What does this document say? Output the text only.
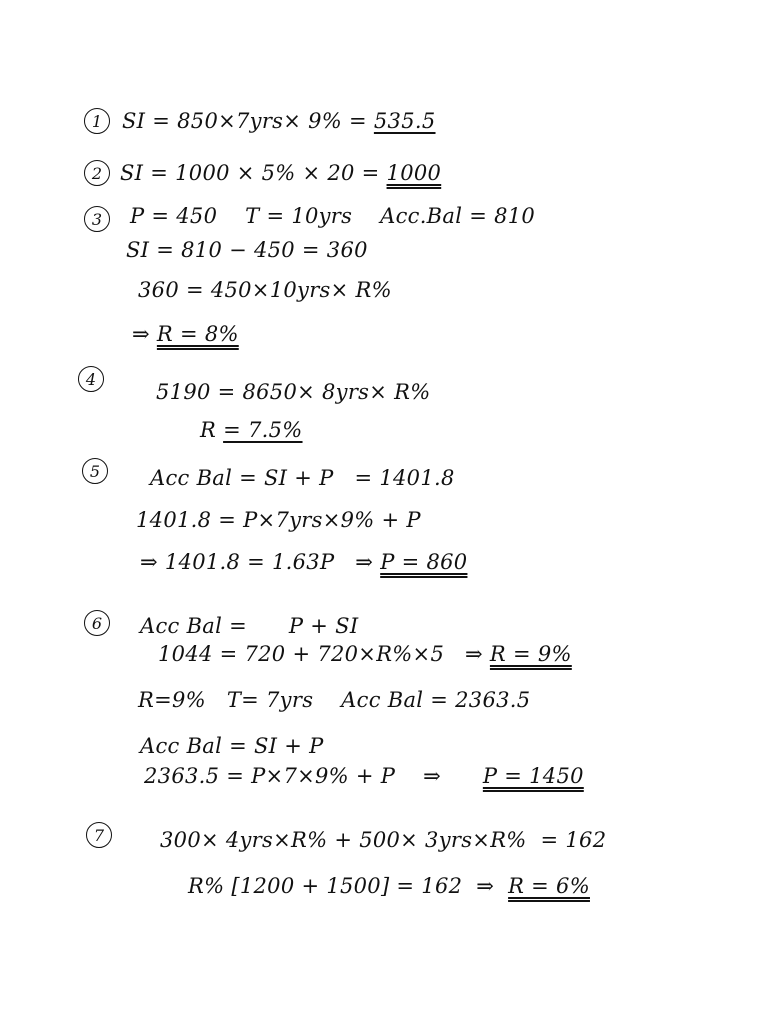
1 SI = 850×7yrs× 9% = 535.5
2 SI = 1000 × 5% × 20 = 1000
3	P = 450    T = 10yrs    Acc.Bal = 810
SI = 810 − 450 = 360
360 = 450×10yrs× R%
⇒ R = 8%
4
5190 = 8650× 8yrs× R%
R = 7.5%
5	Acc Bal = SI + P   = 1401.8
1401.8 = P×7yrs×9% + P
⇒ 1401.8 = 1.63P   ⇒ P = 860
6	Acc Bal =      P + SI
1044 = 720 + 720×R%×5   ⇒ R = 9%
R=9%   T= 7yrs    Acc Bal = 2363.5
Acc Bal = SI + P
2363.5 = P×7×9% + P    ⇒      P = 1450
7	300× 4yrs×R% + 500× 3yrs×R%  = 162
R% [1200 + 1500] = 162  ⇒  R = 6%
